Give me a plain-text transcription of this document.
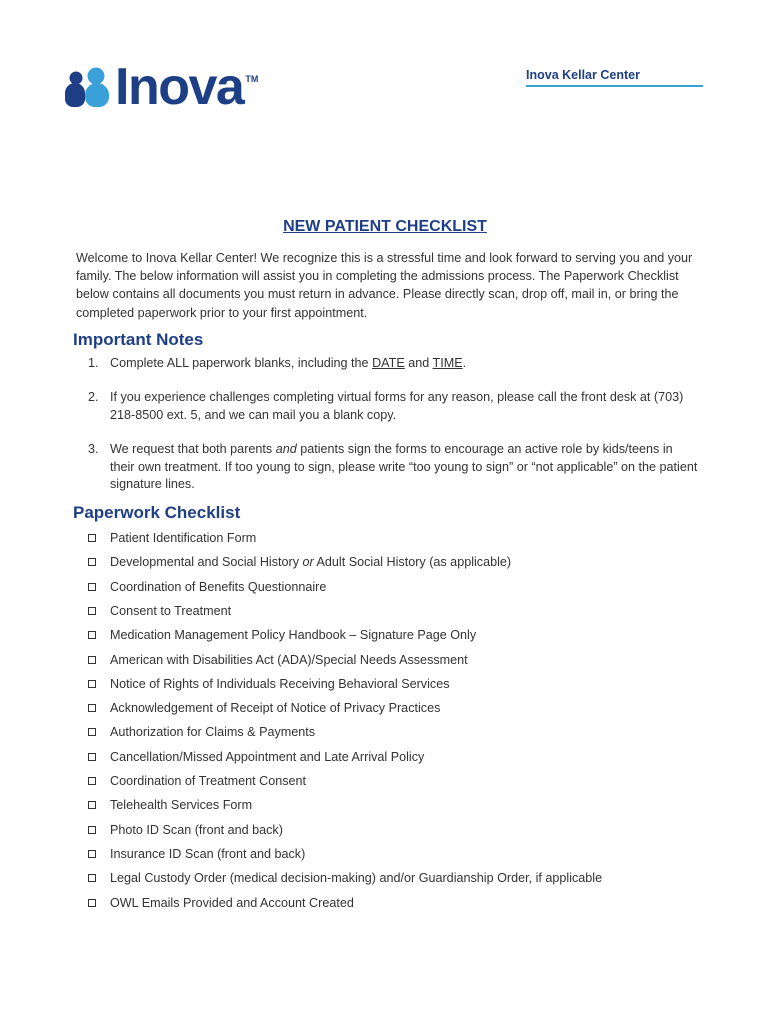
Inova TM	Inova Kellar Center
NEW PATIENT CHECKLIST
Welcome to Inova Kellar Center! We recognize this is a stressful time and look forward to serving you and your family. The below information will assist you in completing the admissions process. The Paperwork Checklist below contains all documents you must return in advance. Please directly scan, drop off, mail in, or bring the completed paperwork prior to your first appointment.
Important Notes
1. Complete ALL paperwork blanks, including the DATE and TIME.
2. If you experience challenges completing virtual forms for any reason, please call the front desk at (703) 218-8500 ext. 5, and we can mail you a blank copy.
3. We request that both parents and patients sign the forms to encourage an active role by kids/teens in their own treatment. If too young to sign, please write “too young to sign” or “not applicable” on the patient signature lines.
Paperwork Checklist
Patient Identification Form
Developmental and Social History or Adult Social History (as applicable)
Coordination of Benefits Questionnaire
Consent to Treatment
Medication Management Policy Handbook – Signature Page Only
American with Disabilities Act (ADA)/Special Needs Assessment
Notice of Rights of Individuals Receiving Behavioral Services
Acknowledgement of Receipt of Notice of Privacy Practices
Authorization for Claims & Payments
Cancellation/Missed Appointment and Late Arrival Policy
Coordination of Treatment Consent
Telehealth Services Form
Photo ID Scan (front and back)
Insurance ID Scan (front and back)
Legal Custody Order (medical decision-making) and/or Guardianship Order, if applicable
OWL Emails Provided and Account Created
